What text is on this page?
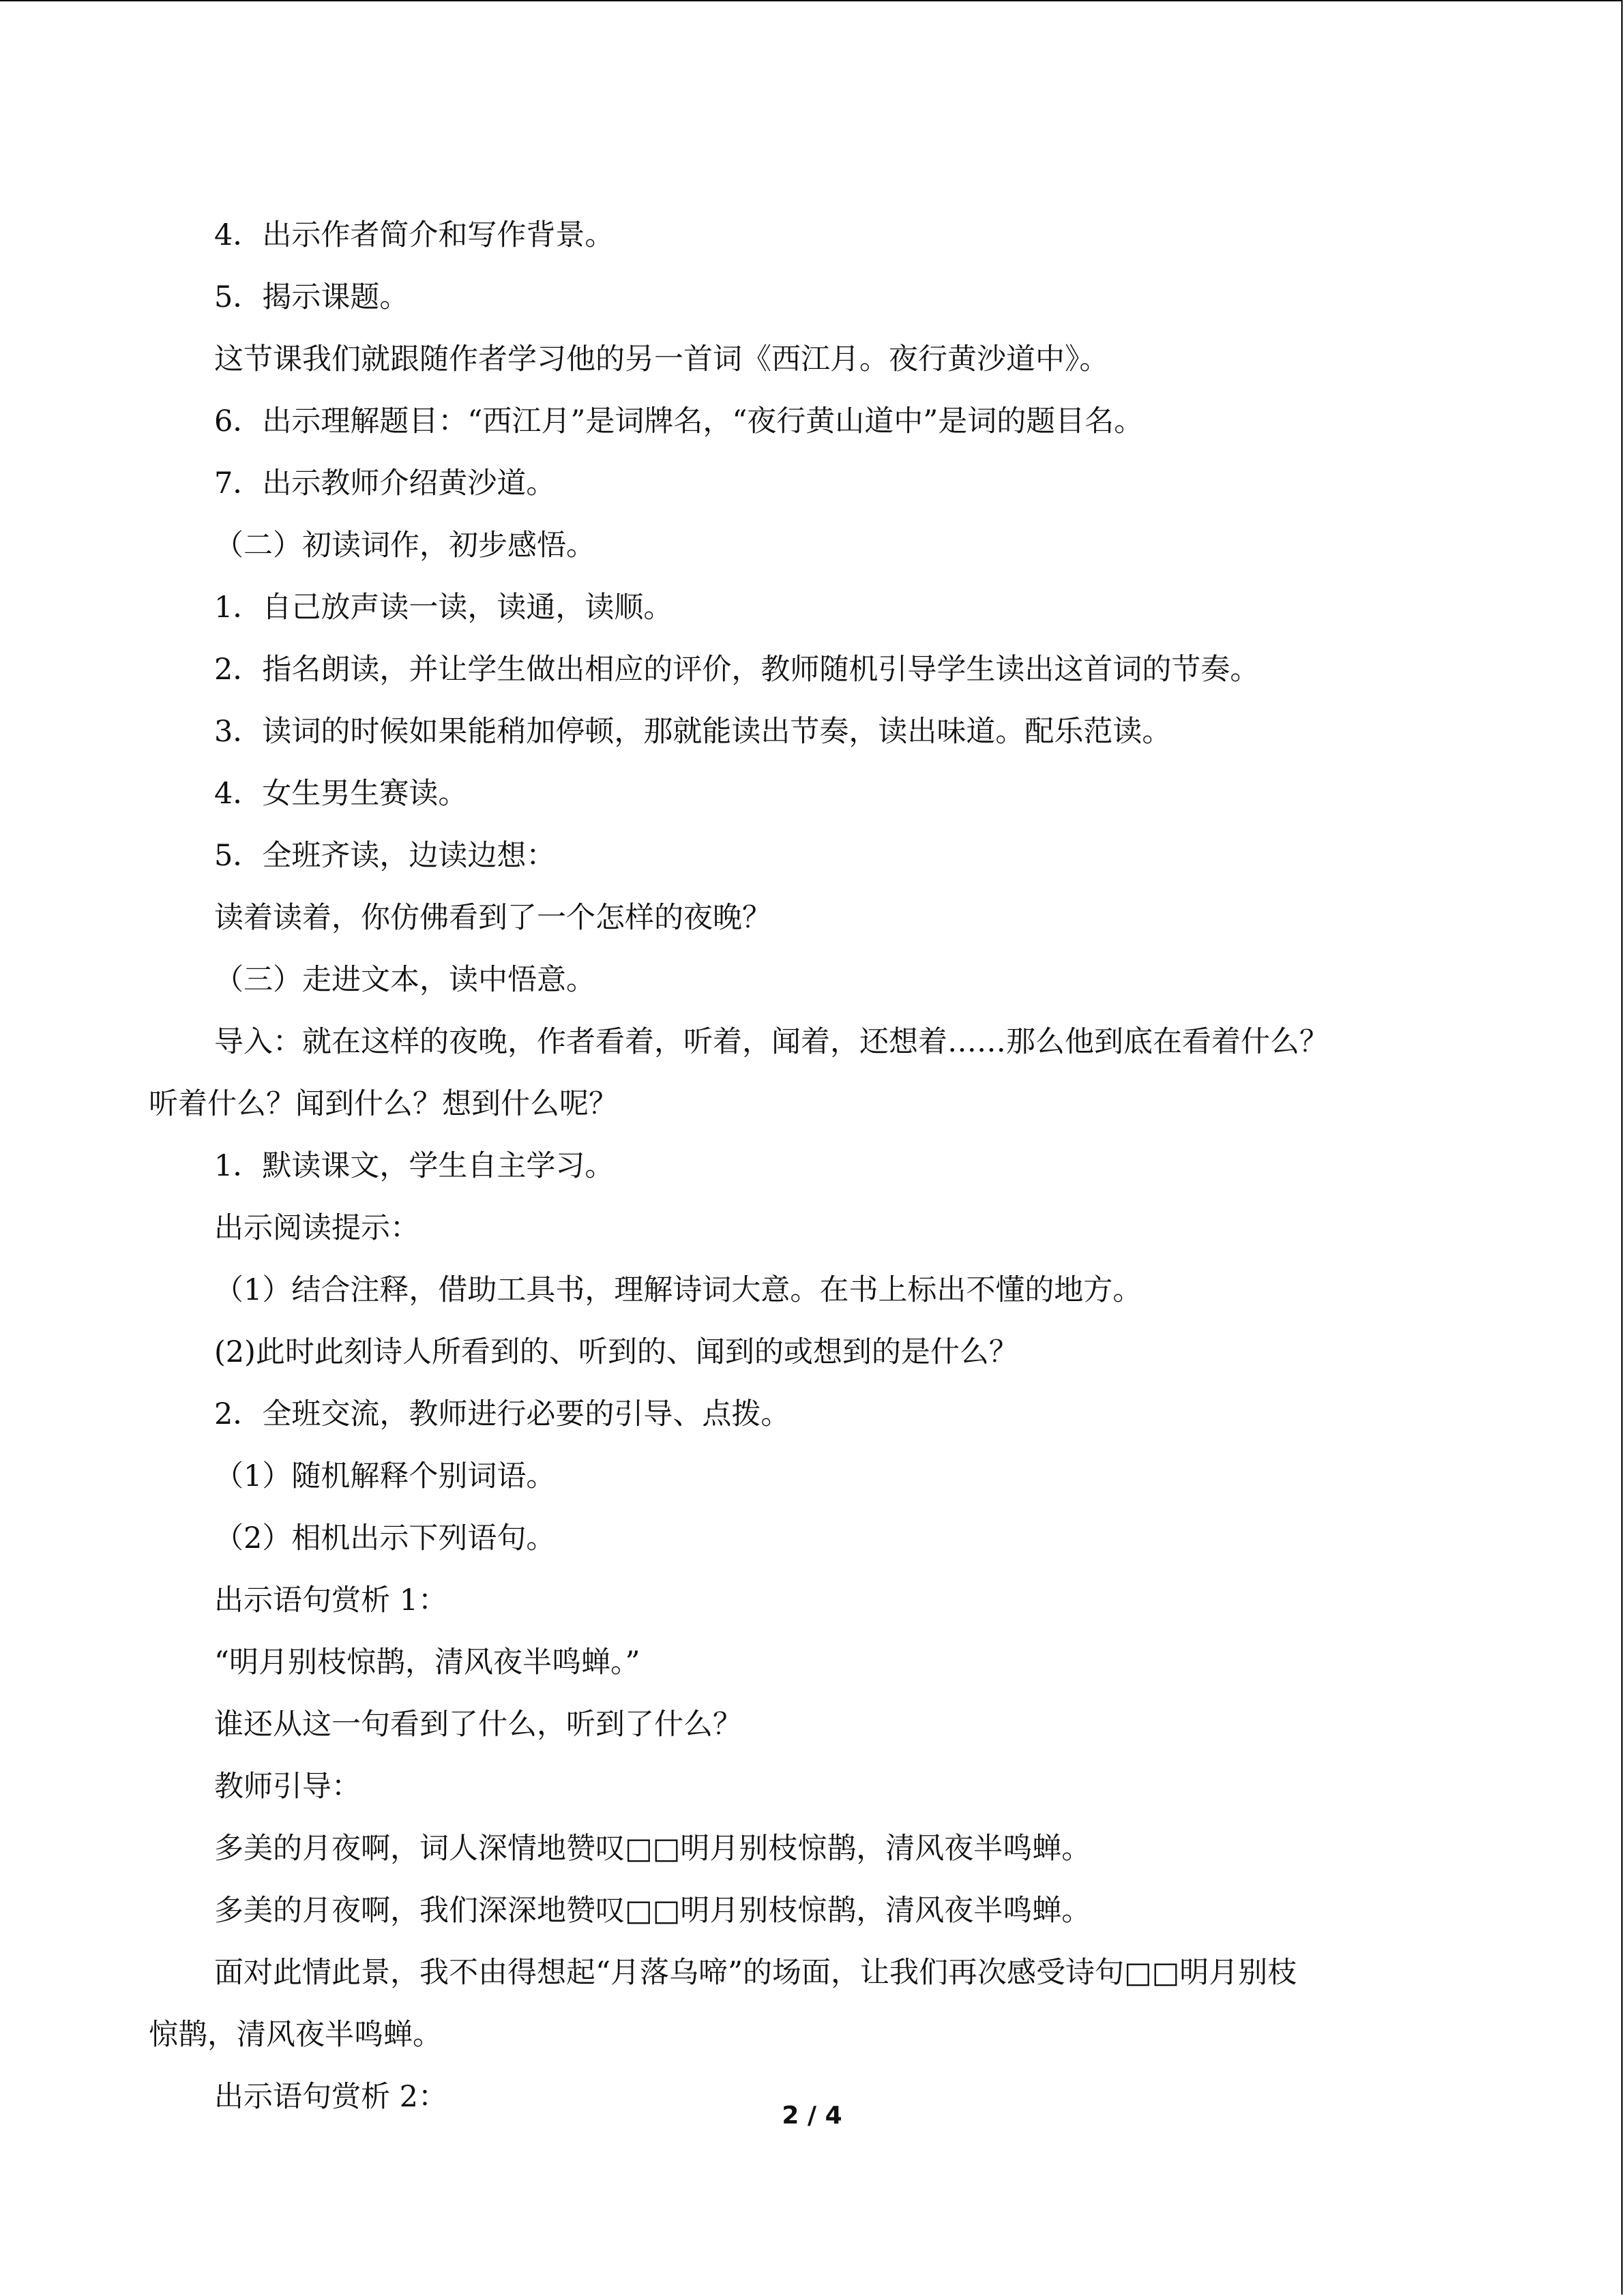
4．出示作者简介和写作背景。

5．揭示课题。

这节课我们就跟随作者学习他的另一首词《西江月。夜行黄沙道中》。

6．出示理解题目：“西江月”是词牌名，“夜行黄山道中”是词的题目名。

7．出示教师介绍黄沙道。

（二）初读词作，初步感悟。

1．自己放声读一读，读通，读顺。

2．指名朗读，并让学生做出相应的评价，教师随机引导学生读出这首词的节奏。

3．读词的时候如果能稍加停顿，那就能读出节奏，读出味道。配乐范读。

4．女生男生赛读。

5．全班齐读，边读边想：

读着读着，你仿佛看到了一个怎样的夜晚？

（三）走进文本，读中悟意。

导入：就在这样的夜晚，作者看着，听着，闻着，还想着……那么他到底在看着什么？

听着什么？闻到什么？想到什么呢？

1．默读课文，学生自主学习。

出示阅读提示：

（1）结合注释，借助工具书，理解诗词大意。在书上标出不懂的地方。

(2)此时此刻诗人所看到的、听到的、闻到的或想到的是什么？

2．全班交流，教师进行必要的引导、点拨。

（1）随机解释个别词语。

（2）相机出示下列语句。

出示语句赏析 1：

“明月别枝惊鹊，清风夜半鸣蝉。”

谁还从这一句看到了什么，听到了什么？

教师引导：

多美的月夜啊，词人深情地赞叹□□明月别枝惊鹊，清风夜半鸣蝉。

多美的月夜啊，我们深深地赞叹□□明月别枝惊鹊，清风夜半鸣蝉。

面对此情此景，我不由得想起“月落乌啼”的场面，让我们再次感受诗句□□明月别枝

惊鹊，清风夜半鸣蝉。

出示语句赏析 2：

2 / 4
